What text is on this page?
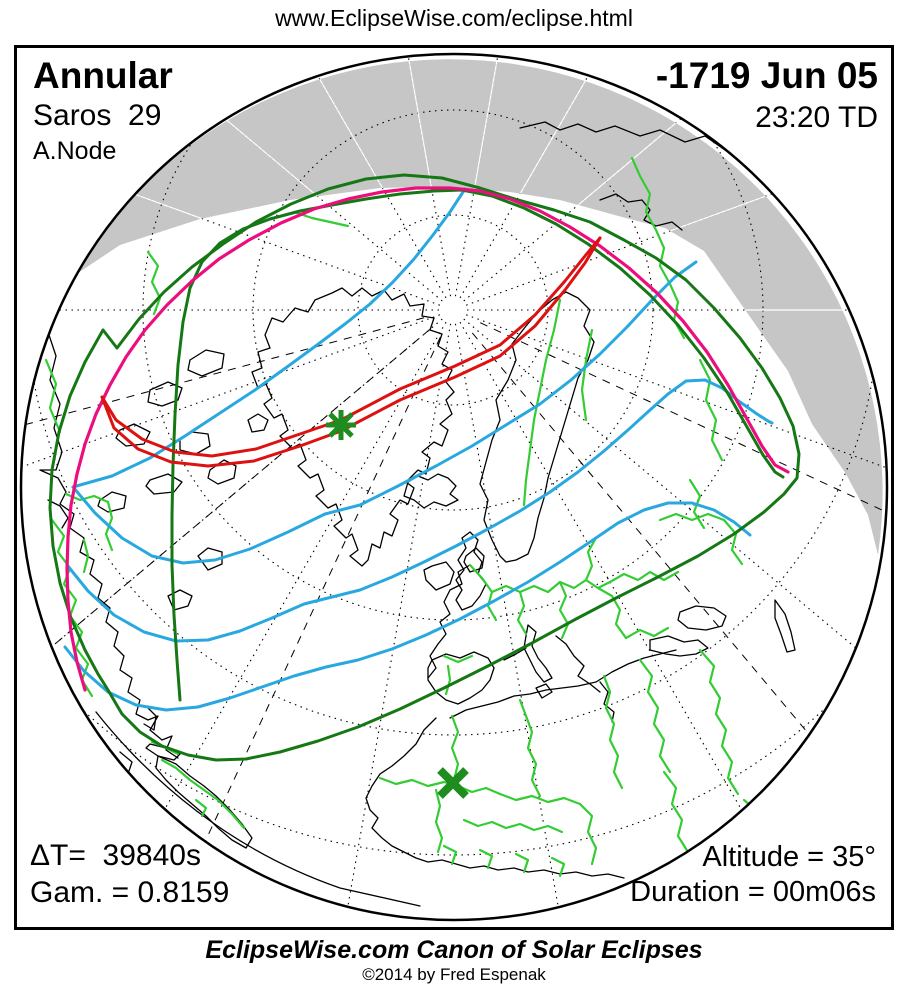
www.EclipseWise.com/eclipse.html
Annular
Saros  29
A.Node
-1719 Jun 05
23:20 TD
ΔT=  39840s
Gam. = 0.8159
Altitude = 35°
Duration = 00m06s
EclipseWise.com Canon of Solar Eclipses
©2014 by Fred Espenak
